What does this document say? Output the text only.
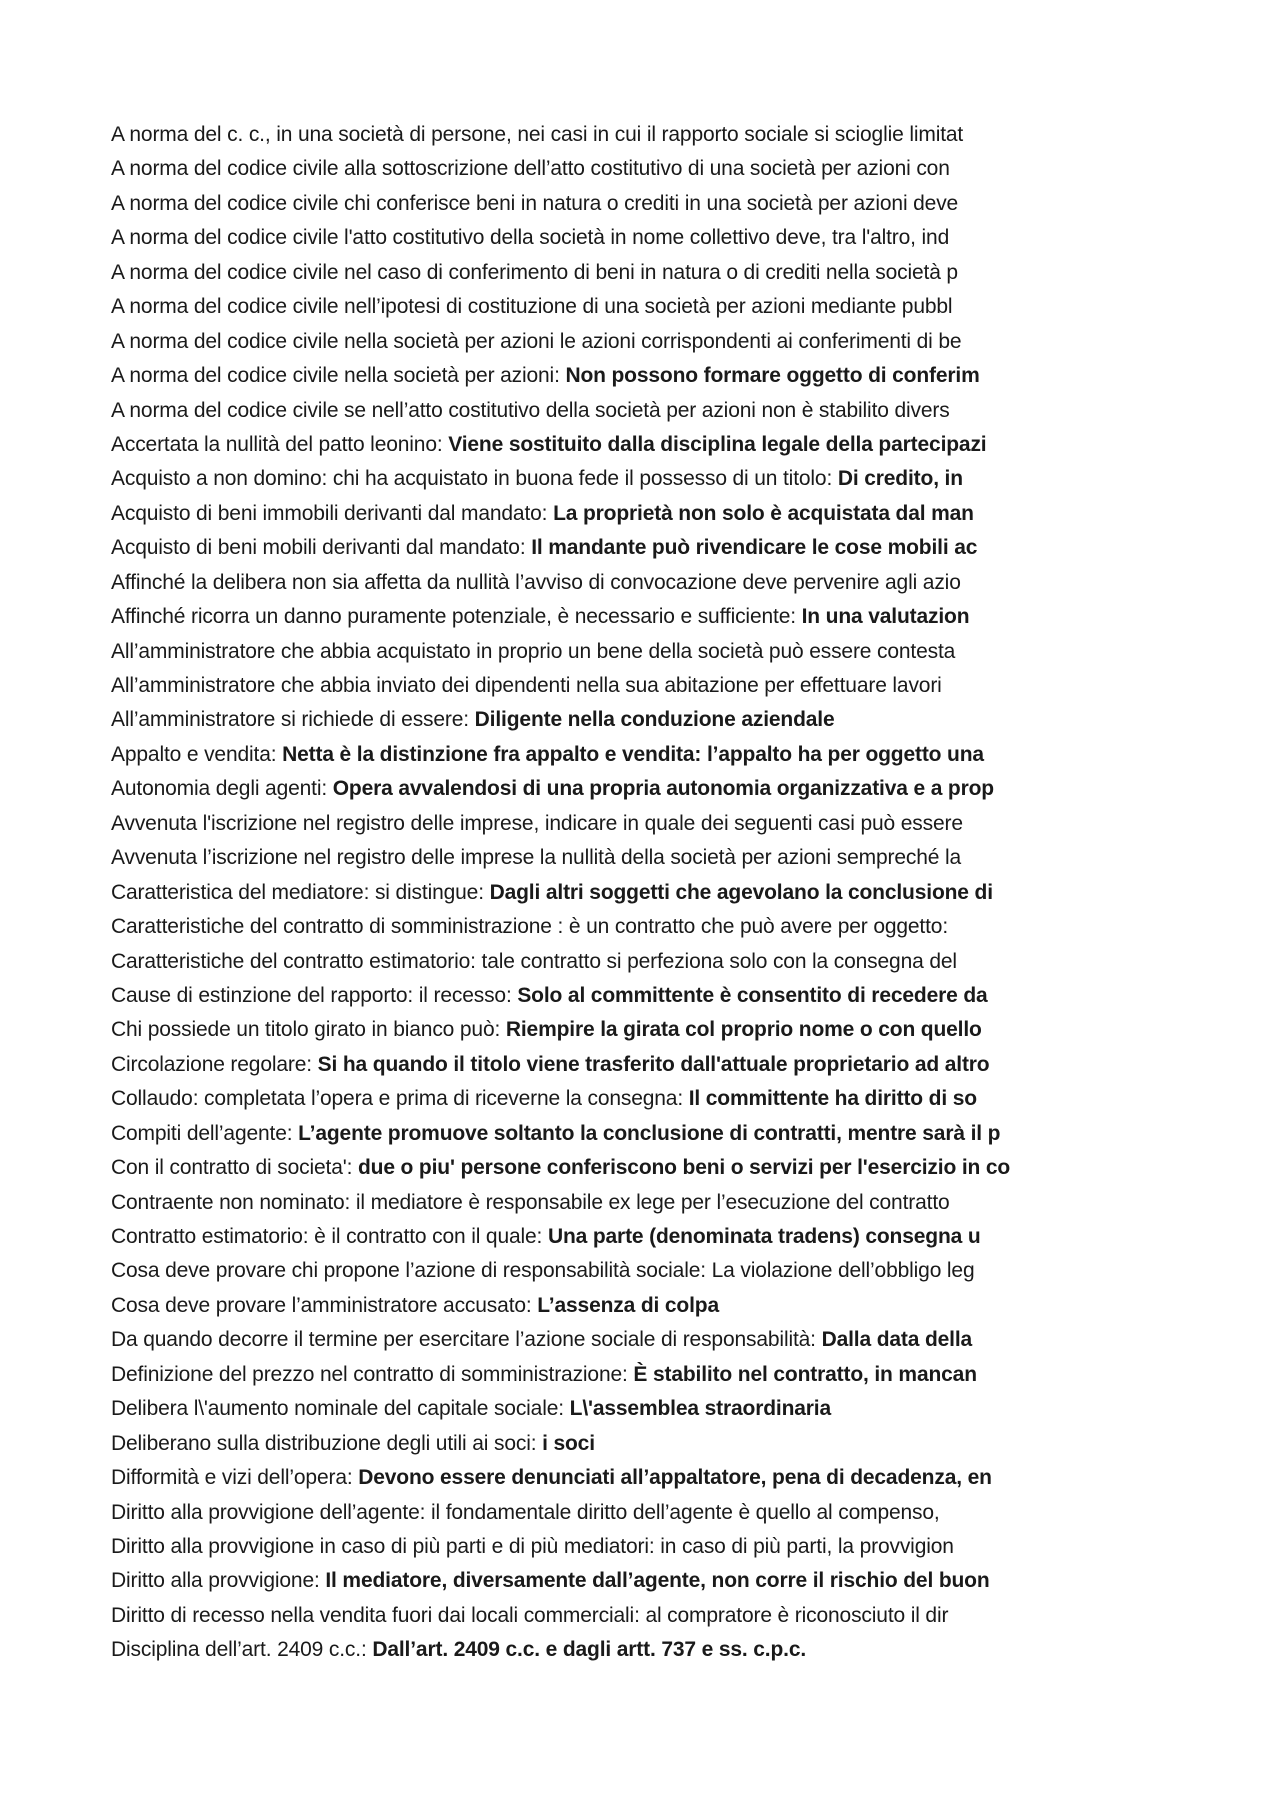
A norma del c. c., in una società di persone, nei casi in cui il rapporto sociale si scioglie limitat
A norma del codice civile alla sottoscrizione dell’atto costitutivo di una società per azioni con
A norma del codice civile chi conferisce beni in natura o crediti in una società per azioni deve
A norma del codice civile l'atto costitutivo della società in nome collettivo deve, tra l'altro, ind
A norma del codice civile nel caso di conferimento di beni in natura o di crediti nella società p
A norma del codice civile nell’ipotesi di costituzione di una società per azioni mediante pubbl
A norma del codice civile nella società per azioni le azioni corrispondenti ai conferimenti di be
A norma del codice civile nella società per azioni: Non possono formare oggetto di conferim
A norma del codice civile se nell’atto costitutivo della società per azioni non è stabilito divers
Accertata la nullità del patto leonino: Viene sostituito dalla disciplina legale della partecipazi
Acquisto a non domino: chi ha acquistato in buona fede il possesso di un titolo: Di credito, in
Acquisto di beni immobili derivanti dal mandato: La proprietà non solo è acquistata dal man
Acquisto di beni mobili derivanti dal mandato: Il mandante può rivendicare le cose mobili ac
Affinché la delibera non sia affetta da nullità l’avviso di convocazione deve pervenire agli azio
Affinché ricorra un danno puramente potenziale, è necessario e sufficiente: In una valutazion
All’amministratore che abbia acquistato in proprio un bene della società può essere contesta
All’amministratore che abbia inviato dei dipendenti nella sua abitazione per effettuare lavori
All’amministratore si richiede di essere: Diligente nella conduzione aziendale
Appalto e vendita: Netta è la distinzione fra appalto e vendita: l’appalto ha per oggetto una
Autonomia degli agenti: Opera avvalendosi di una propria autonomia organizzativa e a prop
Avvenuta l'iscrizione nel registro delle imprese, indicare in quale dei seguenti casi può essere
Avvenuta l’iscrizione nel registro delle imprese la nullità della società per azioni sempreché la
Caratteristica del mediatore: si distingue: Dagli altri soggetti che agevolano la conclusione di
Caratteristiche del contratto di somministrazione : è un contratto che può avere per oggetto:
Caratteristiche del contratto estimatorio: tale contratto si perfeziona solo con la consegna del
Cause di estinzione del rapporto: il recesso: Solo al committente è consentito di recedere da
Chi possiede un titolo girato in bianco può: Riempire la girata col proprio nome o con quello
Circolazione regolare: Si ha quando il titolo viene trasferito dall'attuale proprietario ad altro
Collaudo: completata l’opera e prima di riceverne la consegna: Il committente ha diritto di so
Compiti dell’agente: L’agente promuove soltanto la conclusione di contratti, mentre sarà il p
Con il contratto di societa': due o piu' persone conferiscono beni o servizi per l'esercizio in co
Contraente non nominato: il mediatore è responsabile ex lege per l’esecuzione del contratto
Contratto estimatorio: è il contratto con il quale: Una parte (denominata tradens) consegna u
Cosa deve provare chi propone l’azione di responsabilità sociale: La violazione dell’obbligo leg
Cosa deve provare l’amministratore accusato: L’assenza di colpa
Da quando decorre il termine per esercitare l’azione sociale di responsabilità: Dalla data della
Definizione del prezzo nel contratto di somministrazione: È stabilito nel contratto, in mancan
Delibera l\'aumento nominale del capitale sociale: L\'assemblea straordinaria
Deliberano sulla distribuzione degli utili ai soci: i soci
Difformità e vizi dell’opera: Devono essere denunciati all’appaltatore, pena di decadenza, en
Diritto alla provvigione dell’agente: il fondamentale diritto dell’agente è quello al compenso,
Diritto alla provvigione in caso di più parti e di più mediatori: in caso di più parti, la provvigion
Diritto alla provvigione: Il mediatore, diversamente dall’agente, non corre il rischio del buon
Diritto di recesso nella vendita fuori dai locali commerciali: al compratore è riconosciuto il dir
Disciplina dell’art. 2409 c.c.: Dall’art. 2409 c.c. e dagli artt. 737 e ss. c.p.c.
